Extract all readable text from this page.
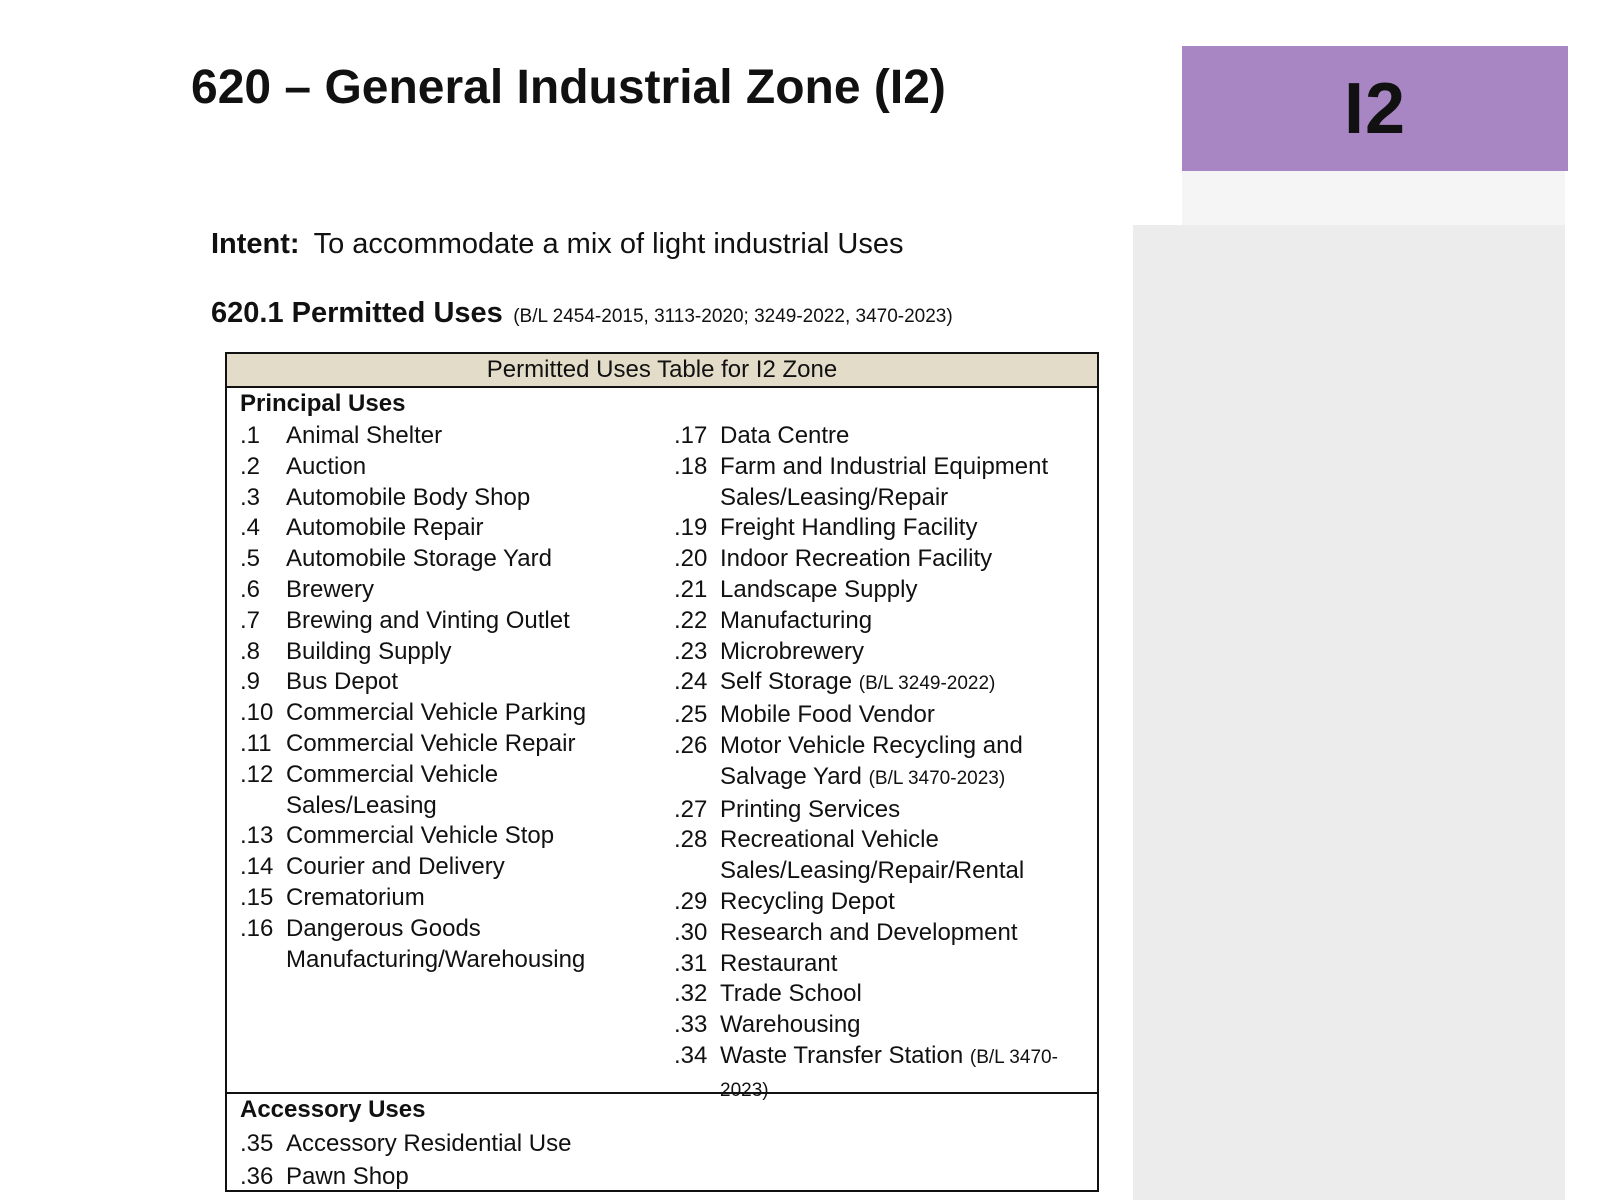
I2
620 – General Industrial Zone (I2)
Intent: To accommodate a mix of light industrial Uses
620.1 Permitted Uses (B/L 2454-2015, 3113-2020; 3249-2022, 3470-2023)
Permitted Uses Table for I2 Zone
Principal Uses
.1	Animal Shelter
.2	Auction
.3	Automobile Body Shop
.4	Automobile Repair
.5	Automobile Storage Yard
.6	Brewery
.7	Brewing and Vinting Outlet
.8	Building Supply
.9	Bus Depot
.10 Commercial Vehicle Parking
.11 Commercial Vehicle Repair
.12 Commercial Vehicle
Sales/Leasing
.13 Commercial Vehicle Stop
.14 Courier and Delivery
.15 Crematorium
.16 Dangerous Goods
Manufacturing/Warehousing
.17 Data Centre
.18 Farm and Industrial Equipment
Sales/Leasing/Repair
.19 Freight Handling Facility
.20 Indoor Recreation Facility
.21 Landscape Supply
.22 Manufacturing
.23 Microbrewery
.24 Self Storage (B/L 3249-2022)
.25 Mobile Food Vendor
.26 Motor Vehicle Recycling and
Salvage Yard (B/L 3470-2023)
.27 Printing Services
.28 Recreational Vehicle
Sales/Leasing/Repair/Rental
.29 Recycling Depot
.30 Research and Development
.31 Restaurant
.32 Trade School
.33 Warehousing
.34 Waste Transfer Station (B/L 3470-2023)
Accessory Uses
.35 Accessory Residential Use
.36 Pawn Shop
